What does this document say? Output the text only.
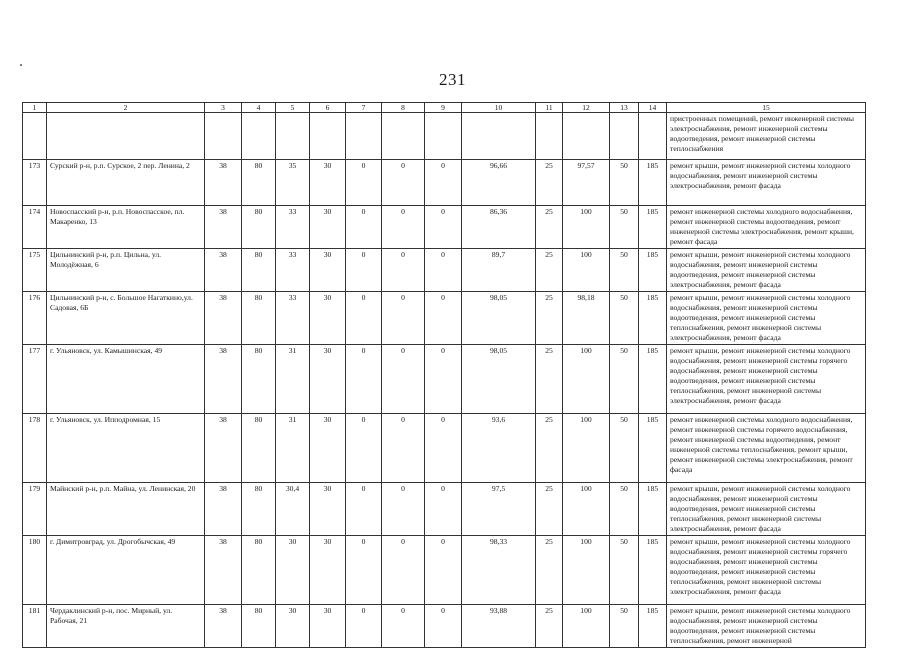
231
1	2	3	4	5	6	7	8	9	10	11	12	13	14	15
														пристроенных помещений, ремонт инженерной системы электроснабжения, ремонт инженерной системы водоотведения, ремонт инженерной системы теплоснабжения
173	Сурский р-н, р.п. Сурское, 2 пер. Ленина, 2	38	80	35	30	0	0	0	96,66	25	97,57	50	185	ремонт крыши, ремонт инженерной системы холодного водоснабжения, ремонт инженерной системы электроснабжения, ремонт фасада
174	Новоспасский р-н, р.п. Новоспасское, пл. Макаренко, 13	38	80	33	30	0	0	0	86,36	25	100	50	185	ремонт инженерной системы холодного водоснабжения, ремонт инженерной системы водоотведения, ремонт инженерной системы электроснабжения, ремонт крыши, ремонт фасада
175	Цильнинский р-н, р.п. Цильна, ул. Молодёжная, 6	38	80	33	30	0	0	0	89,7	25	100	50	185	ремонт крыши, ремонт инженерной системы холодного водоснабжения, ремонт инженерной системы водоотведения, ремонт инженерной системы электроснабжения, ремонт фасада
176	Цильнинский р-н, с. Большое Нагаткино,ул. Садовая, 6Б	38	80	33	30	0	0	0	98,05	25	98,18	50	185	ремонт крыши, ремонт инженерной системы холодного водоснабжения, ремонт инженерной системы водоотведения, ремонт инженерной системы теплоснабжения, ремонт инженерной системы электроснабжения, ремонт фасада
177	г. Ульяновск, ул. Камышинская, 49	38	80	31	30	0	0	0	98,05	25	100	50	185	ремонт крыши, ремонт инженерной системы холодного водоснабжения, ремонт инженерной системы горячего водоснабжения, ремонт инженерной системы водоотведения, ремонт инженерной системы теплоснабжения, ремонт инженерной системы электроснабжения, ремонт фасада
178	г. Ульяновск, ул. Ипподромная, 15	38	80	31	30	0	0	0	93,6	25	100	50	185	ремонт инженерной системы холодного водоснабжения, ремонт инженерной системы горячего водоснабжения, ремонт инженерной системы водоотведения, ремонт инженерной системы теплоснабжения, ремонт крыши, ремонт инженерной системы электроснабжения, ремонт фасада
179	Майнский р-н, р.п. Майна, ул. Ленинская, 20	38	80	30,4	30	0	0	0	97,5	25	100	50	185	ремонт крыши, ремонт инженерной системы холодного водоснабжения, ремонт инженерной системы водоотведения, ремонт инженерной системы теплоснабжения, ремонт инженерной системы электроснабжения, ремонт фасада
180	г. Димитровград, ул. Дрогобычская, 49	38	80	30	30	0	0	0	98,33	25	100	50	185	ремонт крыши, ремонт инженерной системы холодного водоснабжения, ремонт инженерной системы горячего водоснабжения, ремонт инженерной системы водоотведения, ремонт инженерной системы теплоснабжения, ремонт инженерной системы электроснабжения, ремонт фасада
181	Чердаклинский р-н, пос. Мирный, ул. Рабочая, 21	38	80	30	30	0	0	0	93,88	25	100	50	185	ремонт крыши, ремонт инженерной системы холодного водоснабжения, ремонт инженерной системы водоотведения, ремонт инженерной системы теплоснабжения, ремонт инженерной
